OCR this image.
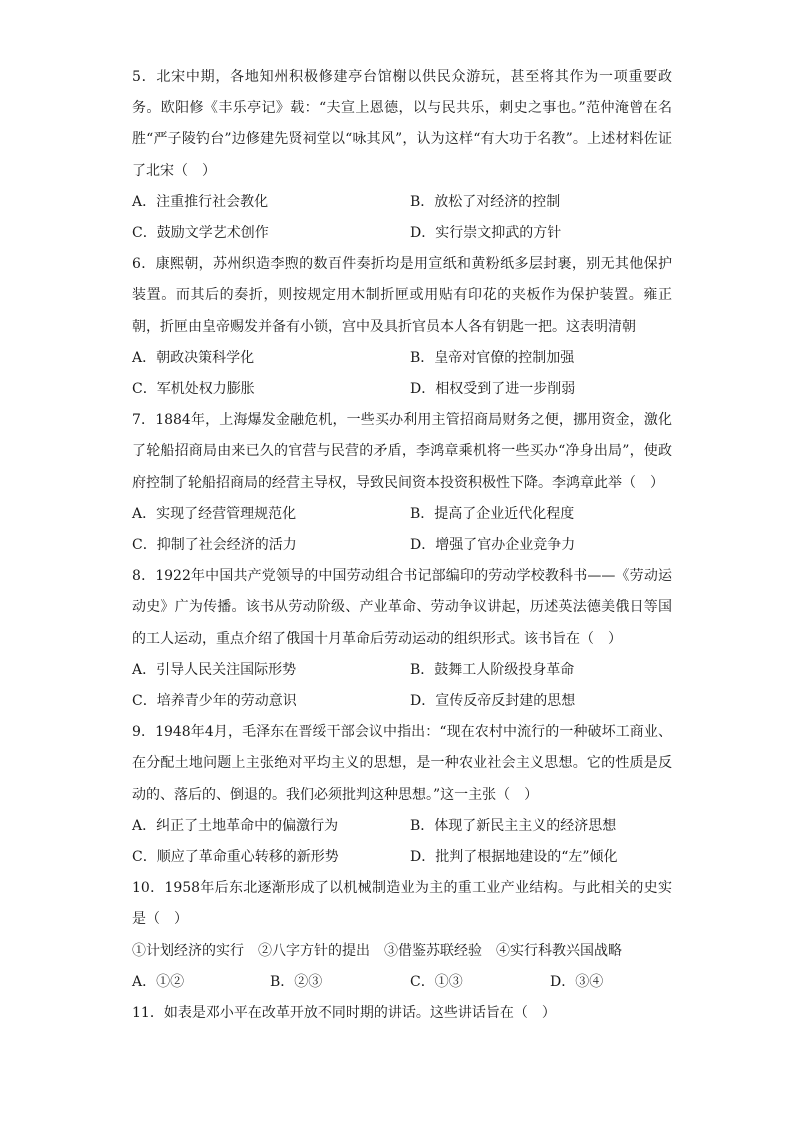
5．北宋中期，各地知州积极修建亭台馆榭以供民众游玩，甚至将其作为一项重要政务。欧阳修《丰乐亭记》载：“夫宣上恩德，以与民共乐，刺史之事也。”范仲淹曾在名胜“严子陵钓台”边修建先贤祠堂以“咏其风”，认为这样“有大功于名教”。上述材料佐证了北宋（　）

A．注重推行社会教化	B．放松了对经济的控制
C．鼓励文学艺术创作	D．实行崇文抑武的方针

6．康熙朝，苏州织造李煦的数百件奏折均是用宣纸和黄粉纸多层封裹，别无其他保护装置。而其后的奏折，则按规定用木制折匣或用贴有印花的夹板作为保护装置。雍正朝，折匣由皇帝赐发并备有小锁，宫中及具折官员本人各有钥匙一把。这表明清朝

A．朝政决策科学化	B．皇帝对官僚的控制加强
C．军机处权力膨胀	D．相权受到了进一步削弱

7．1884年，上海爆发金融危机，一些买办利用主管招商局财务之便，挪用资金，激化了轮船招商局由来已久的官营与民营的矛盾，李鸿章乘机将一些买办“净身出局”，使政府控制了轮船招商局的经营主导权，导致民间资本投资积极性下降。李鸿章此举（　）

A．实现了经营管理规范化	B．提高了企业近代化程度
C．抑制了社会经济的活力	D．增强了官办企业竞争力

8．1922年中国共产党领导的中国劳动组合书记部编印的劳动学校教科书——《劳动运动史》广为传播。该书从劳动阶级、产业革命、劳动争议讲起，历述英法德美俄日等国的工人运动，重点介绍了俄国十月革命后劳动运动的组织形式。该书旨在（　）

A．引导人民关注国际形势	B．鼓舞工人阶级投身革命
C．培养青少年的劳动意识	D．宣传反帝反封建的思想

9．1948年4月，毛泽东在晋绥干部会议中指出：“现在农村中流行的一种破坏工商业、在分配土地问题上主张绝对平均主义的思想，是一种农业社会主义思想。它的性质是反动的、落后的、倒退的。我们必须批判这种思想。”这一主张（　）

A．纠正了土地革命中的偏激行为	B．体现了新民主主义的经济思想
C．顺应了革命重心转移的新形势	D．批判了根据地建设的“左”倾化

10．1958年后东北逐渐形成了以机械制造业为主的重工业产业结构。与此相关的史实是（　）

①计划经济的实行　②八字方针的提出　③借鉴苏联经验　④实行科教兴国战略
A．①②	B．②③	C．①③	D．③④

11．如表是邓小平在改革开放不同时期的讲话。这些讲话旨在（　）
